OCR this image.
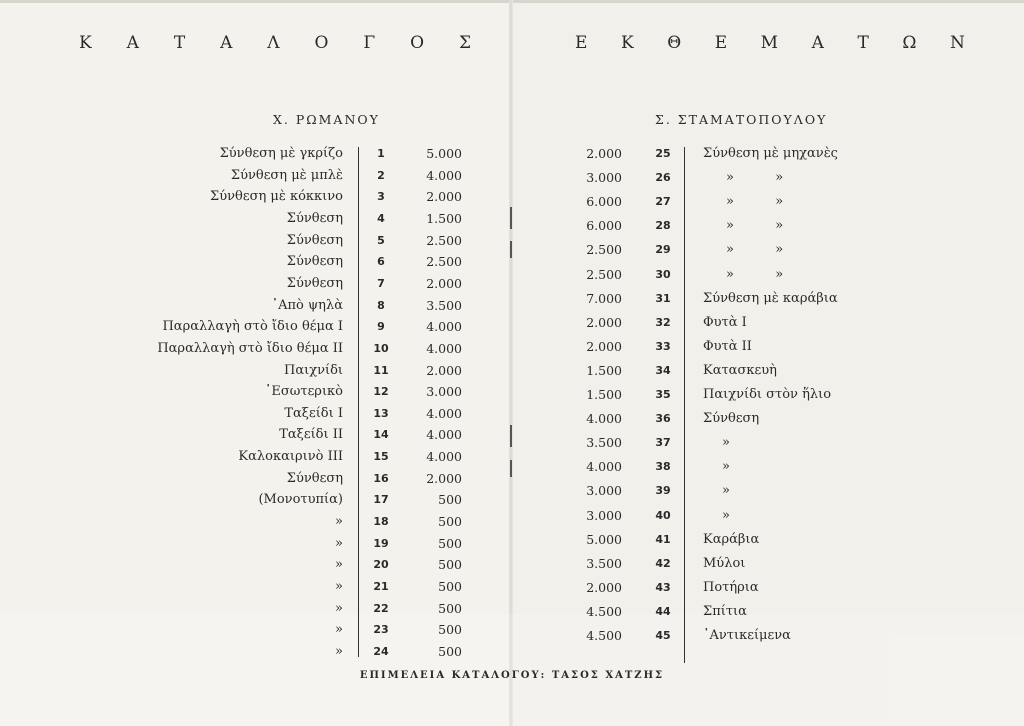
Κ Α Τ Α Λ Ο Γ Ο Σ	Ε Κ Θ Ε Μ Α Τ Ω Ν
Χ. ΡΩΜΑΝΟΥ	Σ. ΣΤΑΜΑΤΟΠΟΥΛΟΥ
Σύνθεση μὲ γκρίζο	1	5.000
Σύνθεση μὲ μπλὲ	2	4.000
Σύνθεση μὲ κόκκινο	3	2.000
Σύνθεση	4	1.500
Σύνθεση	5	2.500
Σύνθεση	6	2.500
Σύνθεση	7	2.000
᾿Απὸ ψηλὰ	8	3.500
Παραλλαγὴ στὸ ἴδιο θέμα Ι	9	4.000
Παραλλαγὴ στὸ ἴδιο θέμα ΙΙ	10	4.000
Παιχνίδι	11	2.000
᾿Εσωτερικὸ	12	3.000
Ταξείδι Ι	13	4.000
Ταξείδι ΙΙ	14	4.000
Καλοκαιρινὸ ΙΙΙ	15	4.000
Σύνθεση	16	2.000
(Μονοτυπία)	17	500
»	18	500
»	19	500
»	20	500
»	21	500
»	22	500
»	23	500
»	24	500
2.000	25	Σύνθεση μὲ μηχανὲς
3.000	26	»          »
6.000	27	»          »
6.000	28	»          »
2.500	29	»          »
2.500	30	»          »
7.000	31	Σύνθεση μὲ καράβια
2.000	32	Φυτὰ Ι
2.000	33	Φυτὰ ΙΙ
1.500	34	Κατασκευὴ
1.500	35	Παιχνίδι στὸν ἥλιο
4.000	36	Σύνθεση
3.500	37	»
4.000	38	»
3.000	39	»
3.000	40	»
5.000	41	Καράβια
3.500	42	Μύλοι
2.000	43	Ποτήρια
4.500	44	Σπίτια
4.500	45	᾿Αντικείμενα
ΕΠΙΜΕΛΕΙΑ ΚΑΤΑΛΟΓΟΥ: ΤΑΣΟΣ ΧΑΤΖΗΣ
